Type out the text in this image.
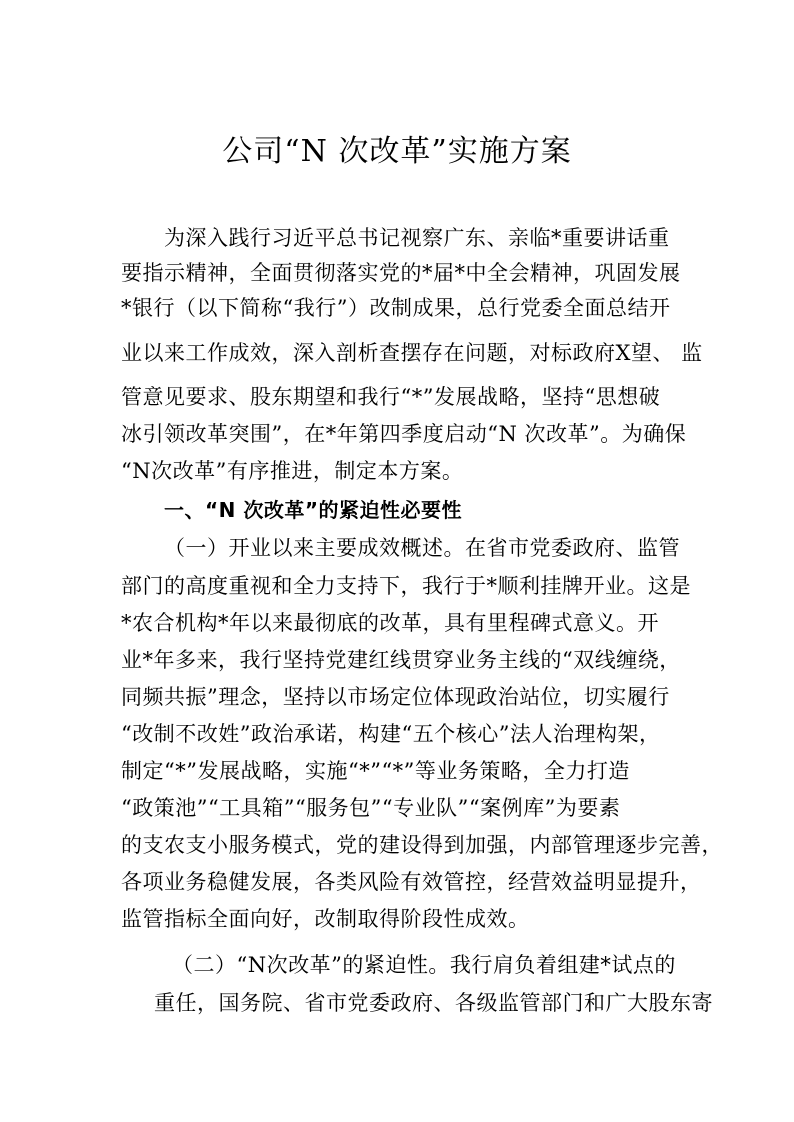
公司“N 次改革”实施方案
为深入践行习近平总书记视察广东、亲临*重要讲话重
要指示精神，全面贯彻落实党的*届*中全会精神，巩固发展
*银行（以下简称“我行”）改制成果，总行党委全面总结开
业以来工作成效，深入剖析查摆存在问题，对标政府X望、 监
管意见要求、股东期望和我行“*”发展战略，坚持“思想破
冰引领改革突围”，在*年第四季度启动“N 次改革”。为确保
“N次改革”有序推进，制定本方案。
一、“N 次改革”的紧迫性必要性
（一）开业以来主要成效概述。在省市党委政府、监管
部门的高度重视和全力支持下，我行于*顺利挂牌开业。这是
*农合机构*年以来最彻底的改革，具有里程碑式意义。开
业*年多来，我行坚持党建红线贯穿业务主线的“双线缠绕，
同频共振”理念，坚持以市场定位体现政治站位，切实履行
“改制不改姓”政治承诺，构建“五个核心”法人治理构架，
制定“*”发展战略，实施“*”“*”等业务策略，全力打造
“政策池”“工具箱”“服务包”“专业队”“案例库”为要素
的支农支小服务模式，党的建设得到加强，内部管理逐步完善，
各项业务稳健发展，各类风险有效管控，经营效益明显提升，
监管指标全面向好，改制取得阶段性成效。
（二）“N次改革”的紧迫性。我行肩负着组建*试点的
重任，国务院、省市党委政府、各级监管部门和广大股东寄
